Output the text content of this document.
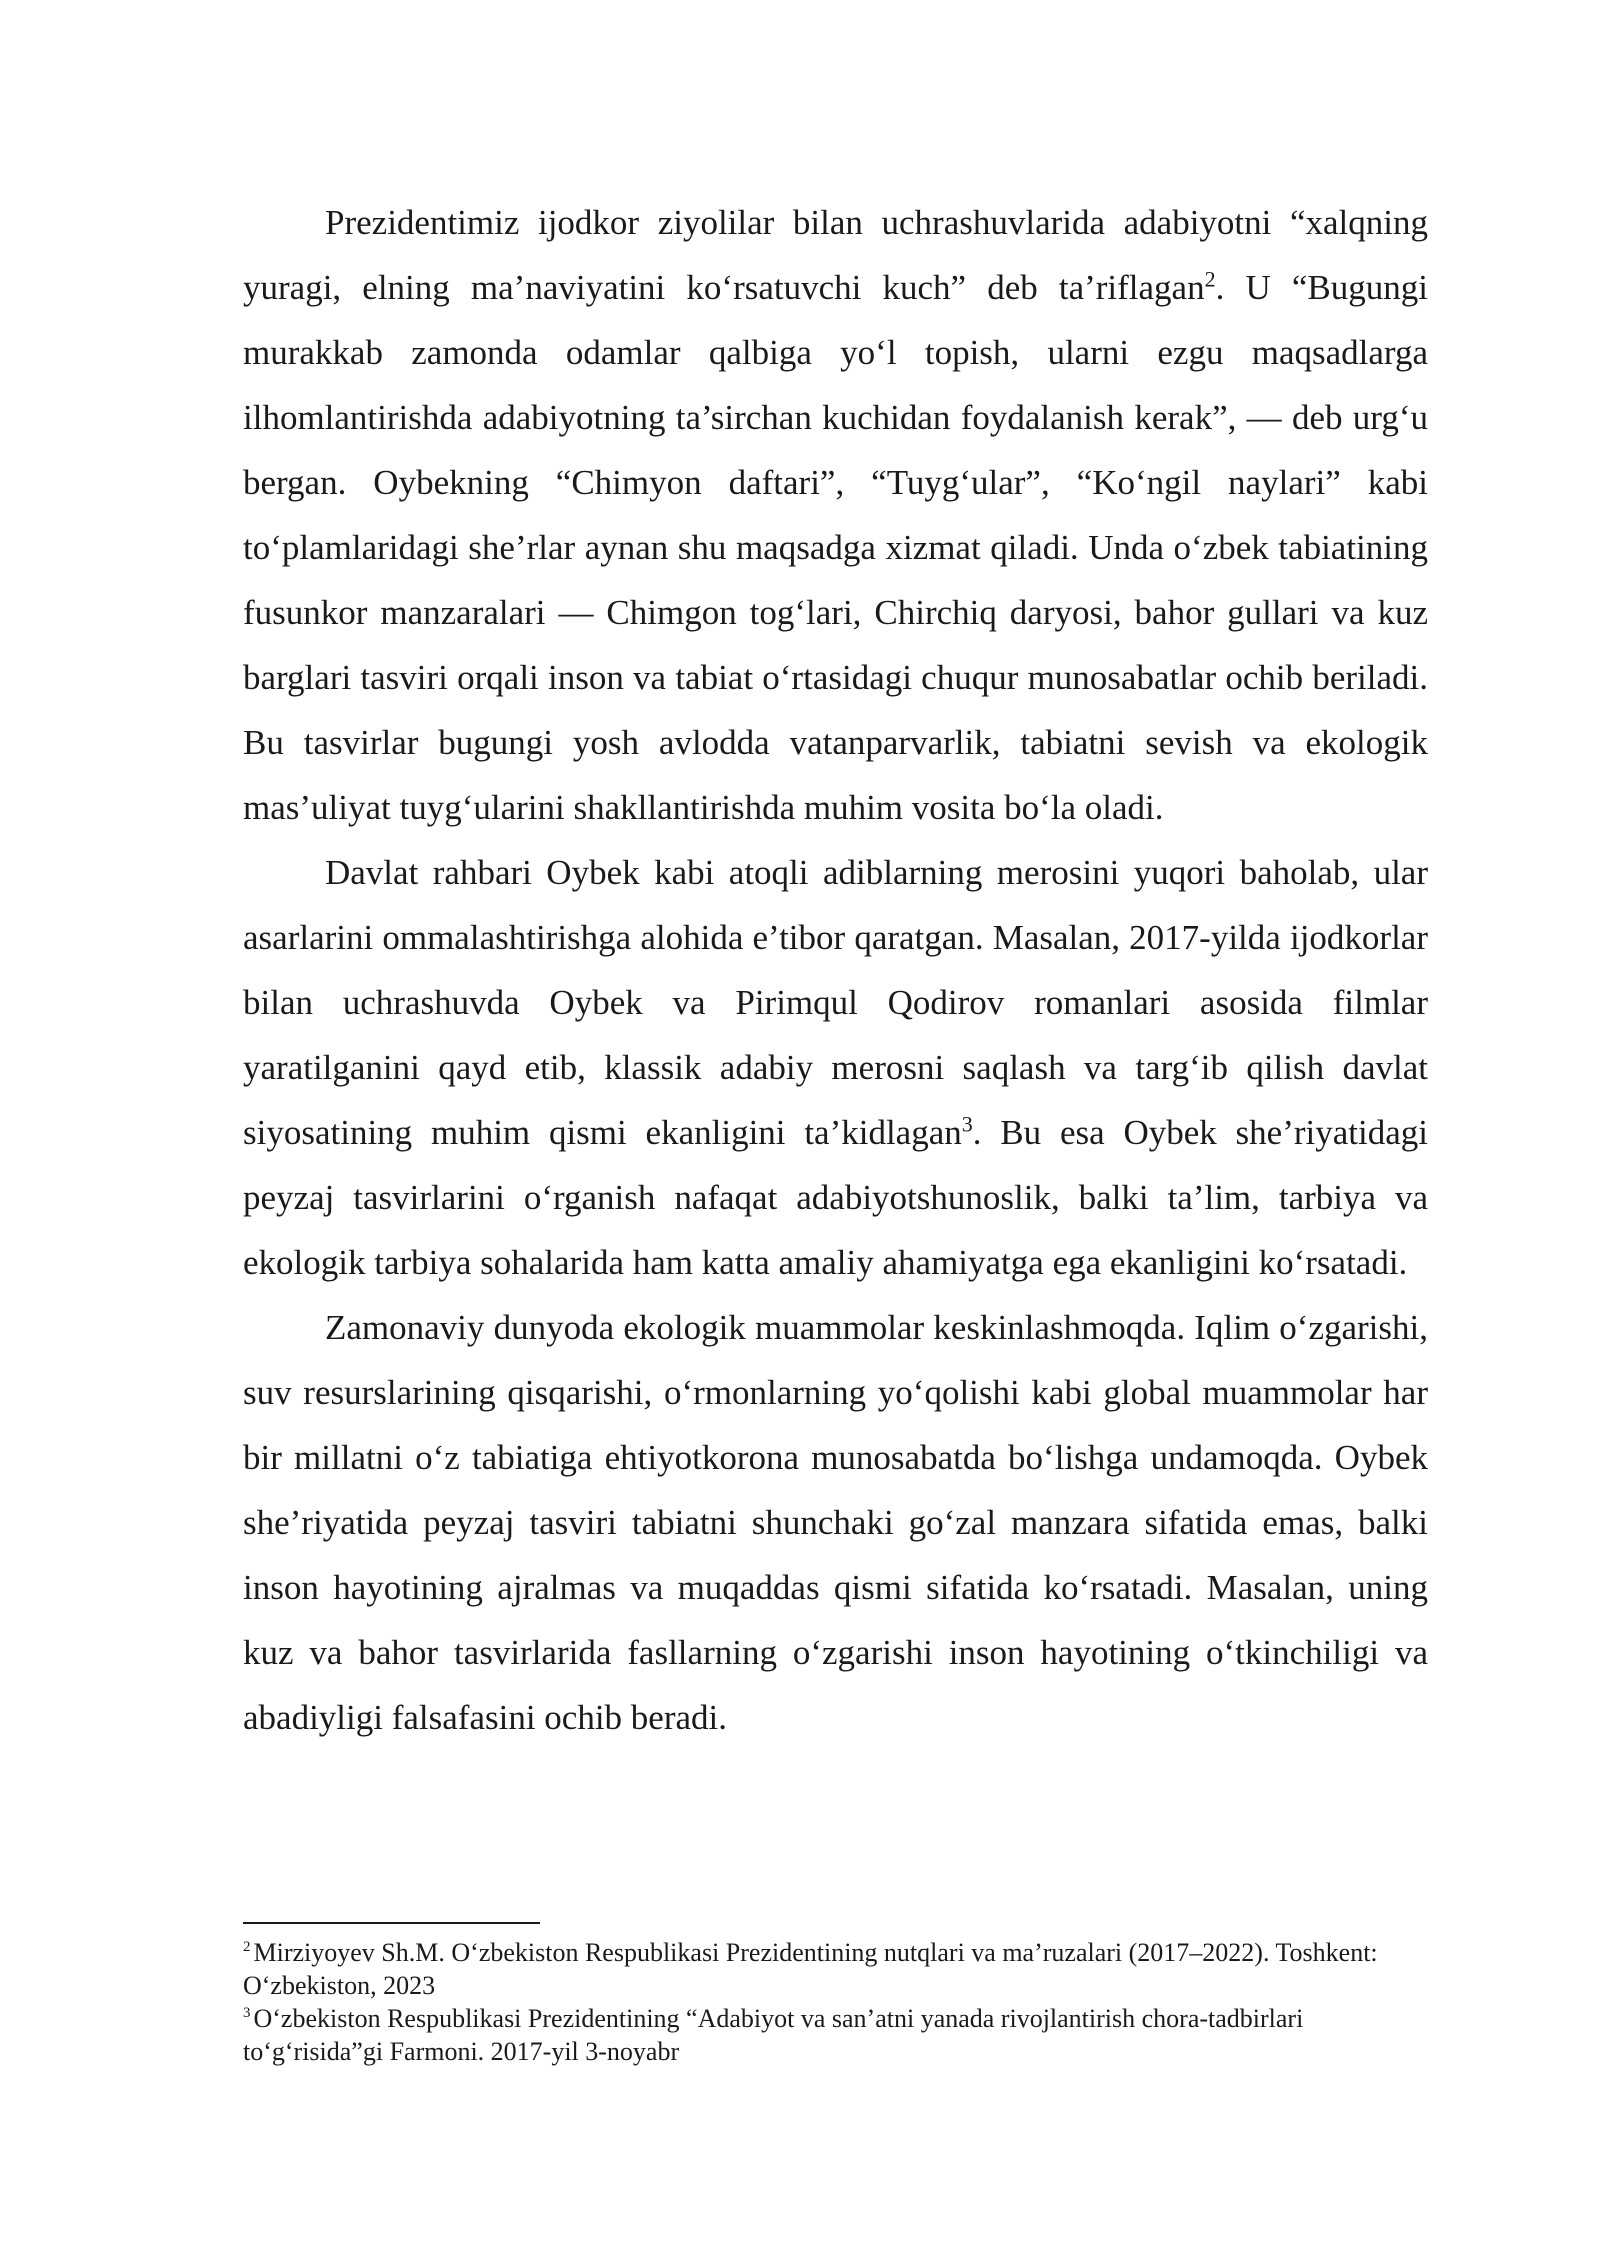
Prezidentimiz ijodkor ziyolilar bilan uchrashuvlarida adabiyotni “xalqning yuragi, elning ma’naviyatini ko‘rsatuvchi kuch” deb ta’riflagan$^2$. U “Bugungi murakkab zamonda odamlar qalbiga yo‘l topish, ularni ezgu maqsadlarga ilhomlantirishda adabiyotning ta’sirchan kuchidan foydalanish kerak”, — deb urg‘u bergan. Oybekning “Chimyon daftari”, “Tuyg‘ular”, “Ko‘ngil naylari” kabi to‘plamlaridagi she’rlar aynan shu maqsadga xizmat qiladi. Unda o‘zbek tabiatining fusunkor manzaralari — Chimgon tog‘lari, Chirchiq daryosi, bahor gullari va kuz barglari tasviri orqali inson va tabiat o‘rtasidagi chuqur munosabatlar ochib beriladi. Bu tasvirlar bugungi yosh avlodda vatanparvarlik, tabiatni sevish va ekologik mas’uliyat tuyg‘ularini shakllantirishda muhim vosita bo‘la oladi.

Davlat rahbari Oybek kabi atoqli adiblarning merosini yuqori baholab, ular asarlarini ommalashtirishga alohida e’tibor qaratgan. Masalan, 2017-yilda ijodkorlar bilan uchrashuvda Oybek va Pirimqul Qodirov romanlari asosida filmlar yaratilganini qayd etib, klassik adabiy merosni saqlash va targ‘ib qilish davlat siyosatining muhim qismi ekanligini ta’kidlagan$^3$. Bu esa Oybek she’riyatidagi peyzaj tasvirlarini o‘rganish nafaqat adabiyotshunoslik, balki ta’lim, tarbiya va ekologik tarbiya sohalarida ham katta amaliy ahamiyatga ega ekanligini ko‘rsatadi.

Zamonaviy dunyoda ekologik muammolar keskinlashmoqda. Iqlim o‘zgarishi, suv resurslarining qisqarishi, o‘rmonlarning yo‘qolishi kabi global muammolar har bir millatni o‘z tabiatiga ehtiyotkorona munosabatda bo‘lishga undamoqda. Oybek she’riyatida peyzaj tasviri tabiatni shunchaki go‘zal manzara sifatida emas, balki inson hayotining ajralmas va muqaddas qismi sifatida ko‘rsatadi. Masalan, uning kuz va bahor tasvirlarida fasllarning o‘zgarishi inson hayotining o‘tkinchiligi va abadiyligi falsafasini ochib beradi.

$^2$ Mirziyoyev Sh.M. O‘zbekiston Respublikasi Prezidentining nutqlari va ma’ruzalari (2017–2022). Toshkent: O‘zbekiston, 2023

$^3$ O‘zbekiston Respublikasi Prezidentining “Adabiyot va san’atni yanada rivojlantirish chora-tadbirlari to‘g‘risida”gi Farmoni. 2017-yil 3-noyabr
